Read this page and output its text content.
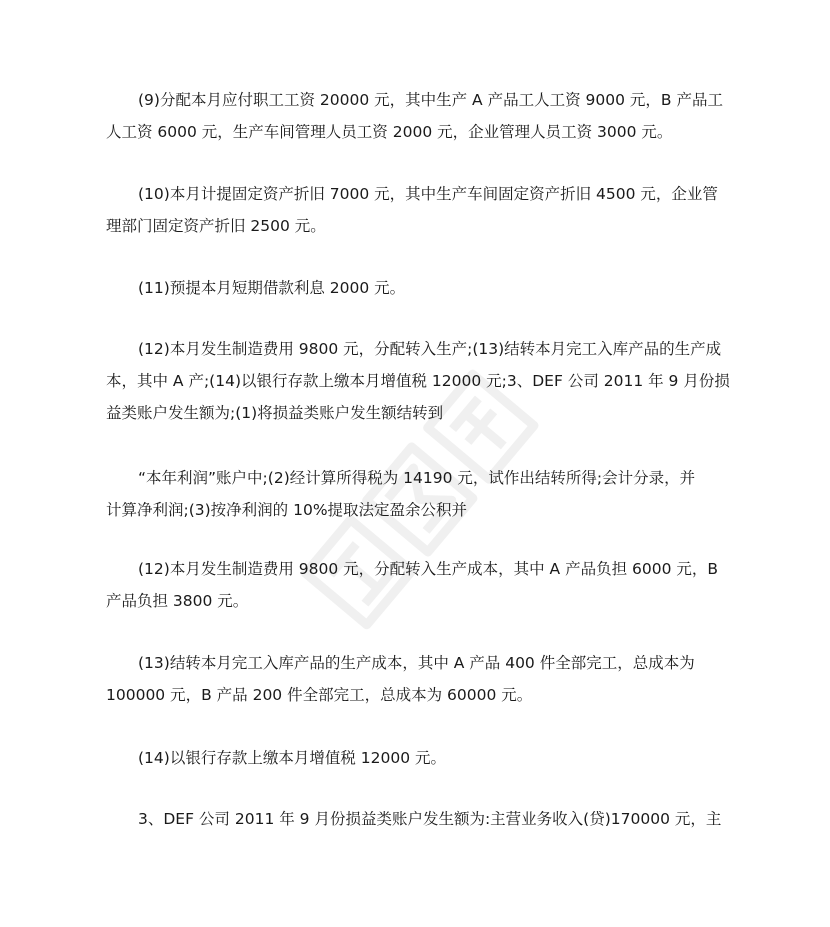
(9)分配本月应付职工工资 20000 元，其中生产 A 产品工人工资 9000 元，B 产品工
人工资 6000 元，生产车间管理人员工资 2000 元，企业管理人员工资 3000 元。

(10)本月计提固定资产折旧 7000 元，其中生产车间固定资产折旧 4500 元，企业管
理部门固定资产折旧 2500 元。

(11)预提本月短期借款利息 2000 元。

(12)本月发生制造费用 9800 元，分配转入生产;(13)结转本月完工入库产品的生产成
本，其中 A 产;(14)以银行存款上缴本月增值税 12000 元;3、DEF 公司 2011 年 9 月份损
益类账户发生额为;(1)将损益类账户发生额结转到

“本年利润”账户中;(2)经计算所得税为 14190 元，试作出结转所得;会计分录，并
计算净利润;(3)按净利润的 10%提取法定盈余公积并

(12)本月发生制造费用 9800 元，分配转入生产成本，其中 A 产品负担 6000 元，B
产品负担 3800 元。

(13)结转本月完工入库产品的生产成本，其中 A 产品 400 件全部完工，总成本为
100000 元，B 产品 200 件全部完工，总成本为 60000 元。

(14)以银行存款上缴本月增值税 12000 元。

3、DEF 公司 2011 年 9 月份损益类账户发生额为:主营业务收入(贷)170000 元，主
